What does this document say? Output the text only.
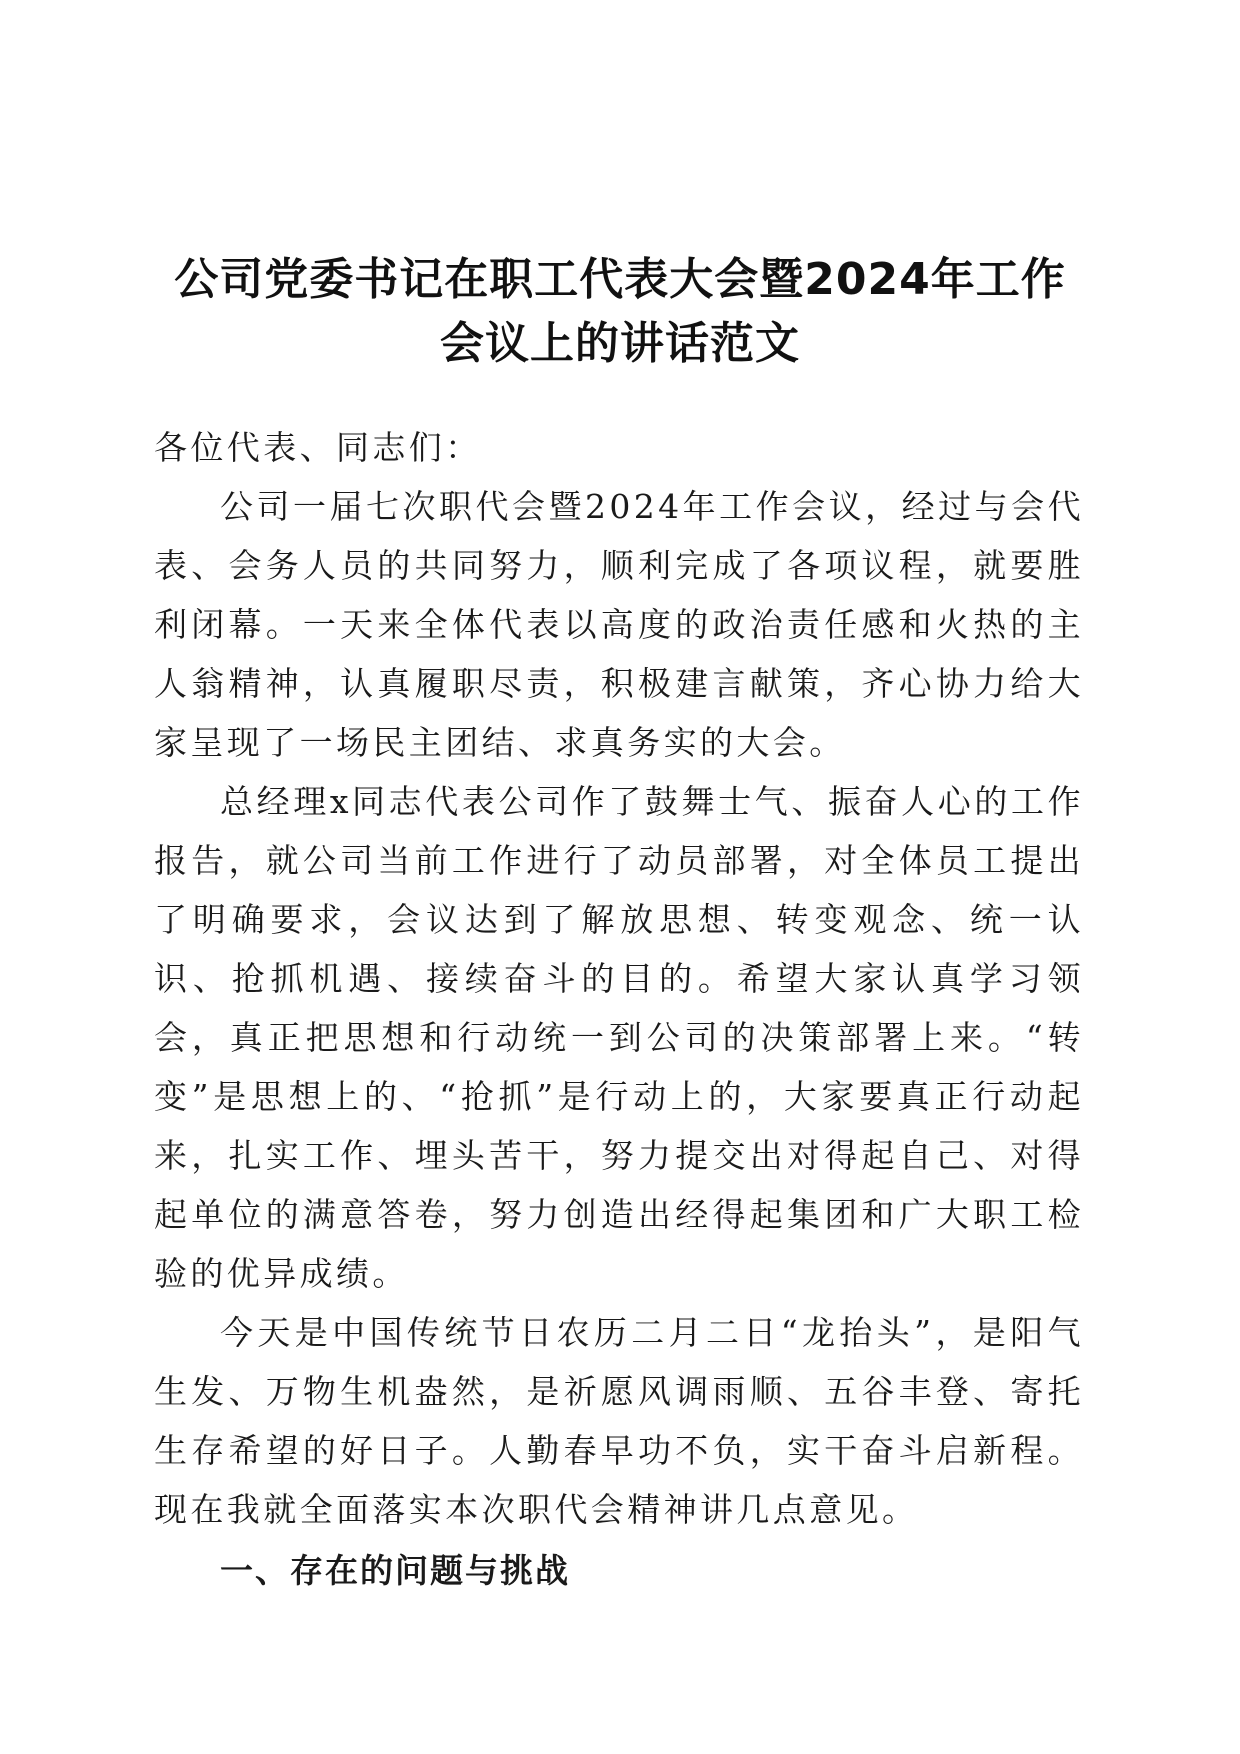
公司党委书记在职工代表大会暨2024年工作
会议上的讲话范文

各位代表、同志们：

公司一届七次职代会暨2024年工作会议，经过与会代表、会务人员的共同努力，顺利完成了各项议程，就要胜利闭幕。一天来全体代表以高度的政治责任感和火热的主人翁精神，认真履职尽责，积极建言献策，齐心协力给大家呈现了一场民主团结、求真务实的大会。

总经理x同志代表公司作了鼓舞士气、振奋人心的工作报告，就公司当前工作进行了动员部署，对全体员工提出了明确要求，会议达到了解放思想、转变观念、统一认识、抢抓机遇、接续奋斗的目的。希望大家认真学习领会，真正把思想和行动统一到公司的决策部署上来。“转变”是思想上的、“抢抓”是行动上的，大家要真正行动起来，扎实工作、埋头苦干，努力提交出对得起自己、对得起单位的满意答卷，努力创造出经得起集团和广大职工检验的优异成绩。

今天是中国传统节日农历二月二日“龙抬头”，是阳气生发、万物生机盎然，是祈愿风调雨顺、五谷丰登、寄托生存希望的好日子。人勤春早功不负，实干奋斗启新程。现在我就全面落实本次职代会精神讲几点意见。

一、存在的问题与挑战
